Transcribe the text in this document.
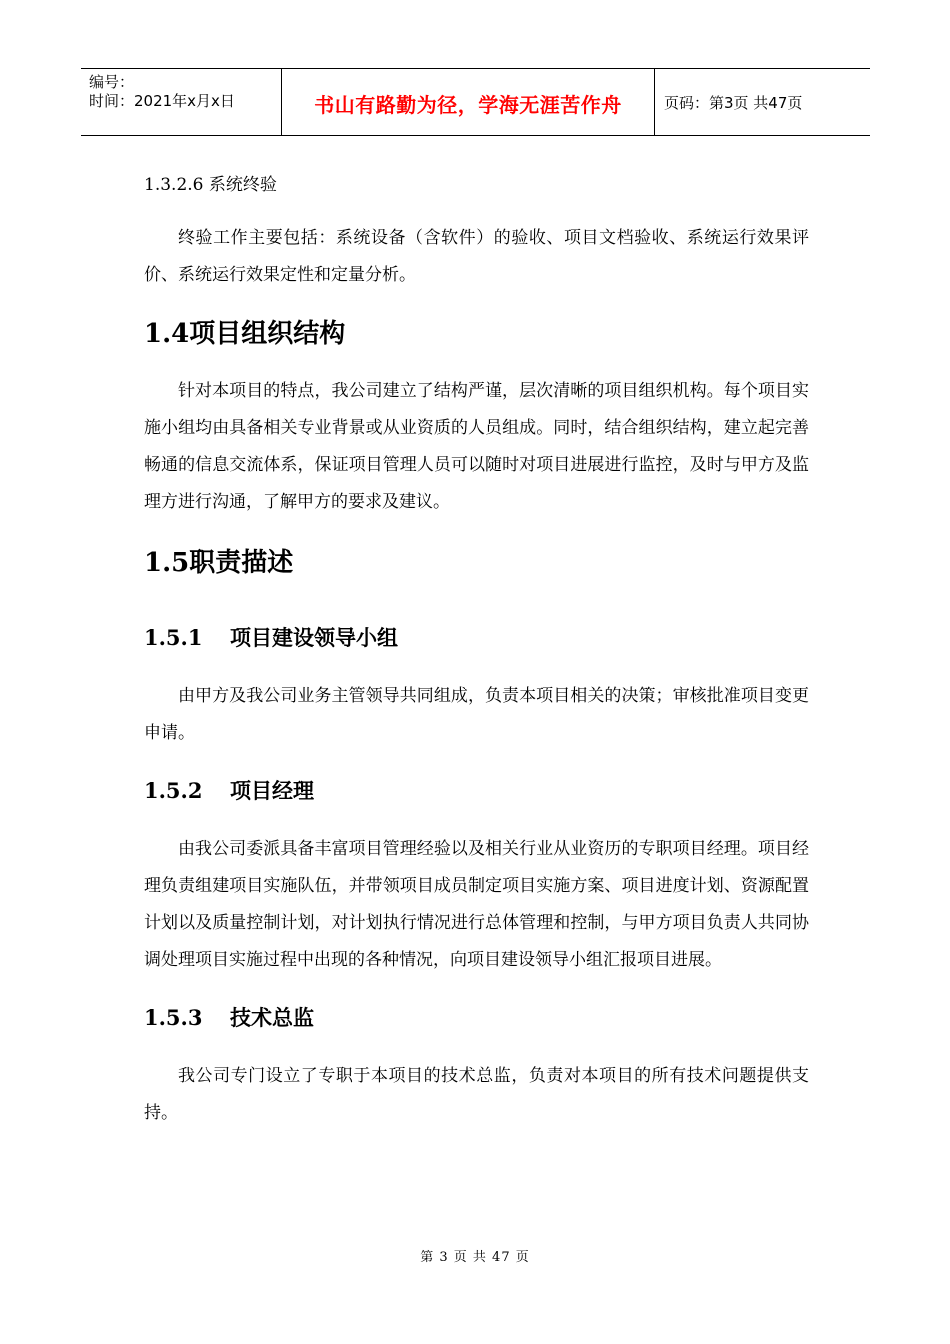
编号：
时间：2021年x月x日	书山有路勤为径，学海无涯苦作舟	页码：第3页 共47页
1.3.2.6 系统终验

终验工作主要包括：系统设备（含软件）的验收、项目文档验收、系统运行效果评价、系统运行效果定性和定量分析。

1.4项目组织结构

针对本项目的特点，我公司建立了结构严谨，层次清晰的项目组织机构。每个项目实施小组均由具备相关专业背景或从业资质的人员组成。同时，结合组织结构，建立起完善畅通的信息交流体系，保证项目管理人员可以随时对项目进展进行监控，及时与甲方及监理方进行沟通，了解甲方的要求及建议。

1.5职责描述
1.5.1 项目建设领导小组

由甲方及我公司业务主管领导共同组成，负责本项目相关的决策；审核批准项目变更申请。

1.5.2 项目经理

由我公司委派具备丰富项目管理经验以及相关行业从业资历的专职项目经理。项目经理负责组建项目实施队伍，并带领项目成员制定项目实施方案、项目进度计划、资源配置计划以及质量控制计划，对计划执行情况进行总体管理和控制，与甲方项目负责人共同协调处理项目实施过程中出现的各种情况，向项目建设领导小组汇报项目进展。

1.5.3 技术总监

我公司专门设立了专职于本项目的技术总监，负责对本项目的所有技术问题提供支持。

第 3 页 共 47 页
